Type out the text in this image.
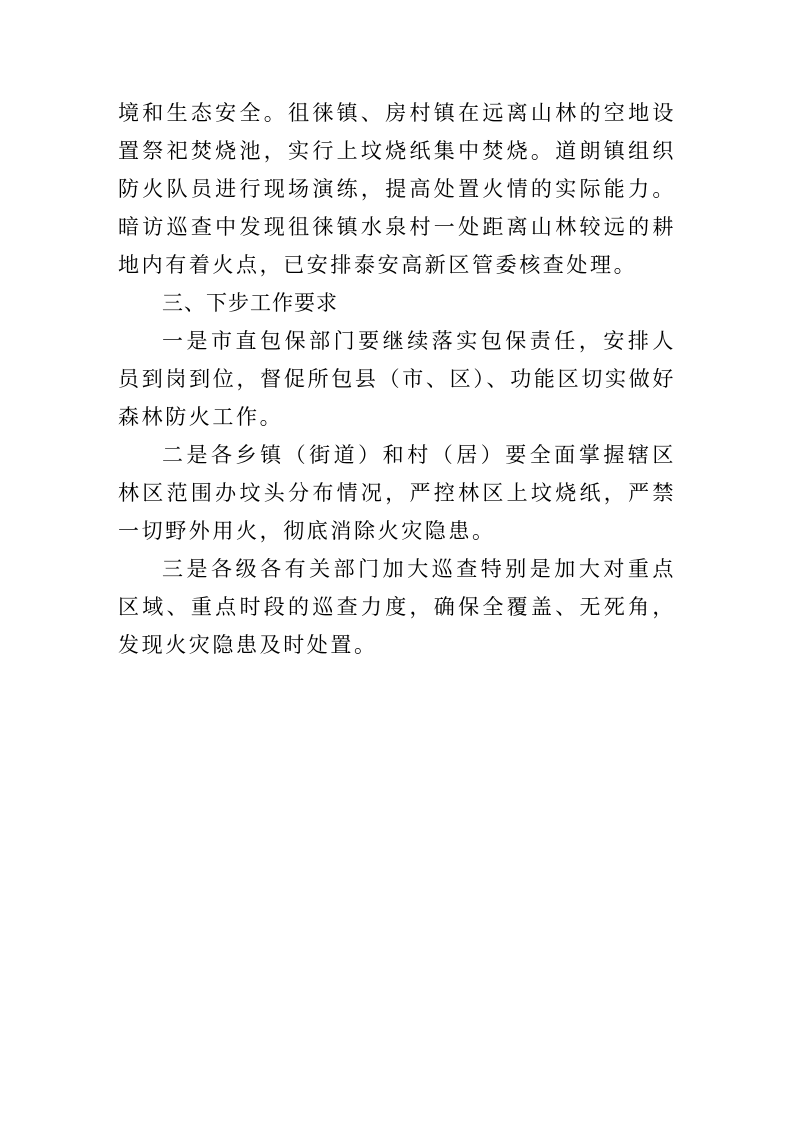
境和生态安全。徂徕镇、房村镇在远离山林的空地设置祭祀焚烧池，实行上坟烧纸集中焚烧。道朗镇组织防火队员进行现场演练，提高处置火情的实际能力。暗访巡查中发现徂徕镇水泉村一处距离山林较远的耕地内有着火点，已安排泰安高新区管委核查处理。

三、下步工作要求

一是市直包保部门要继续落实包保责任，安排人员到岗到位，督促所包县（市、区）、功能区切实做好森林防火工作。

二是各乡镇（街道）和村（居）要全面掌握辖区林区范围办坟头分布情况，严控林区上坟烧纸，严禁一切野外用火，彻底消除火灾隐患。

三是各级各有关部门加大巡查特别是加大对重点区域、重点时段的巡查力度，确保全覆盖、无死角，发现火灾隐患及时处置。
